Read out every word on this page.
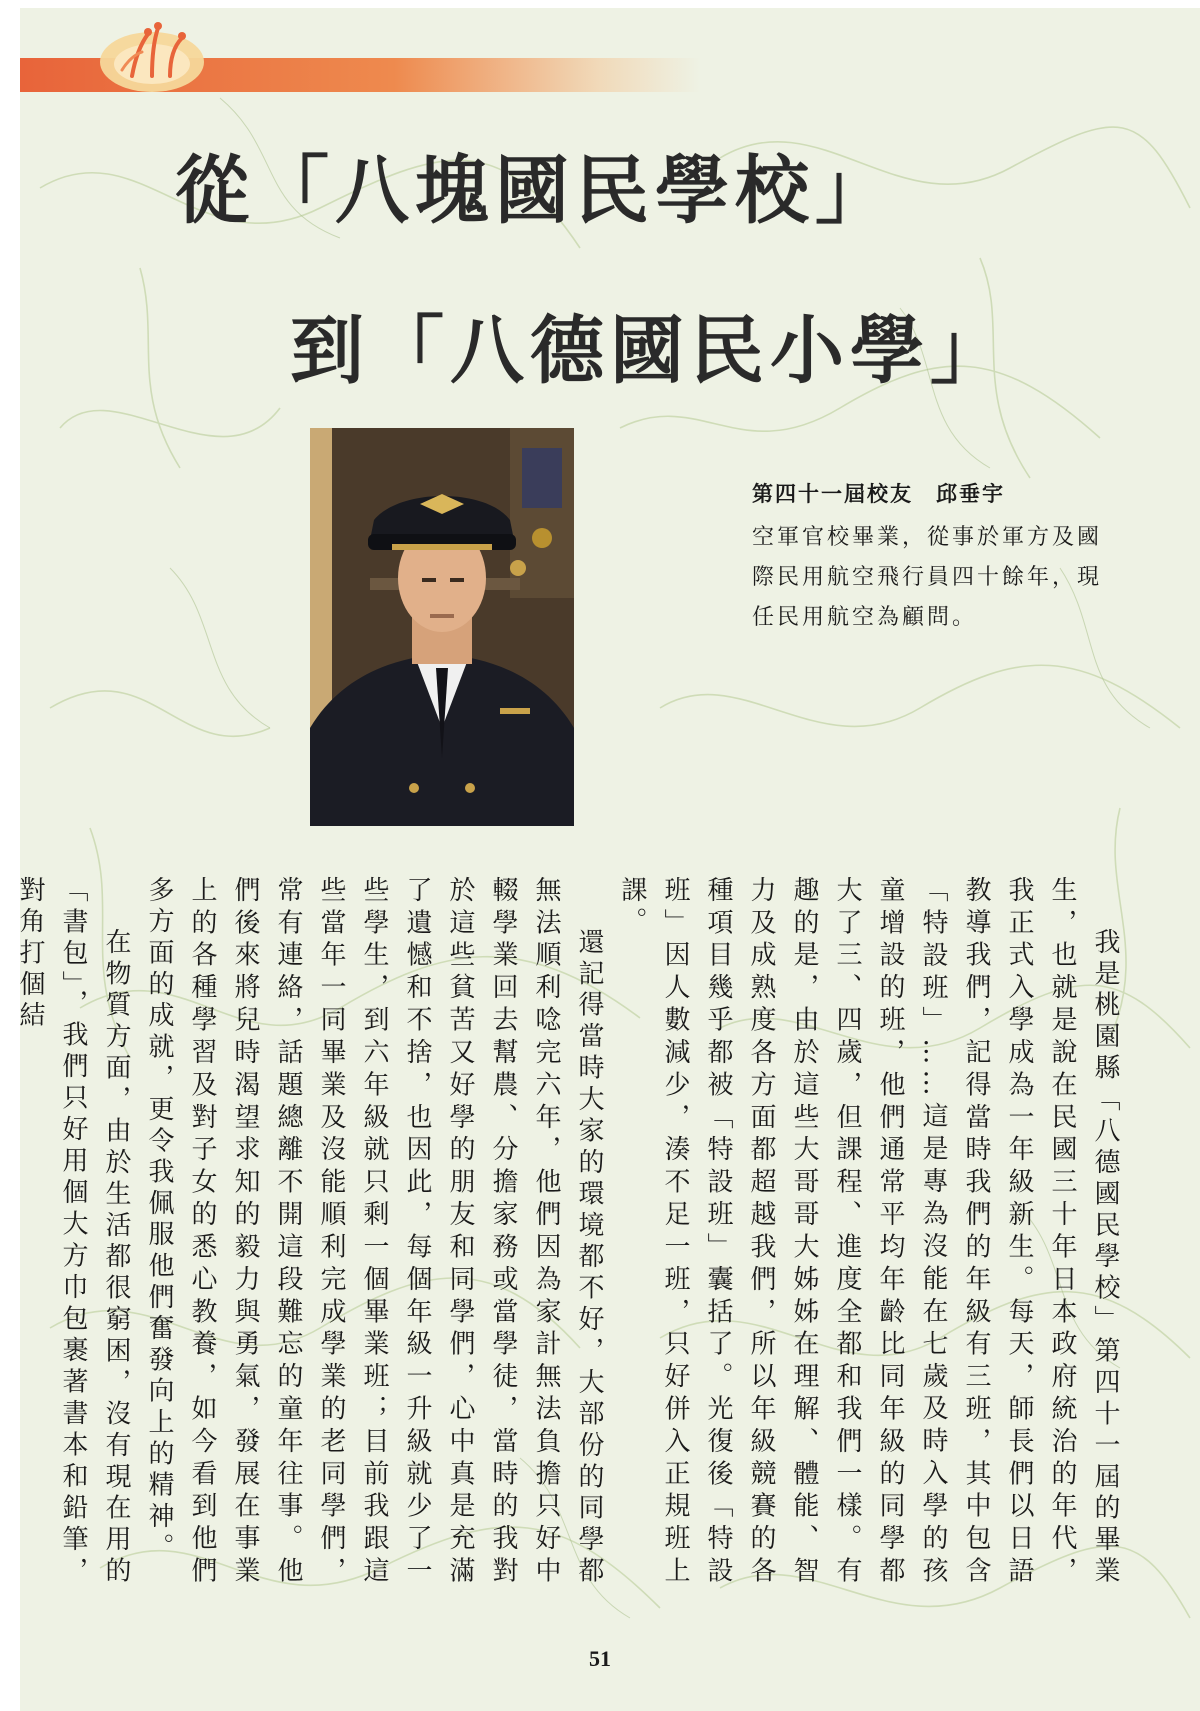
從「八塊國民學校」
到「八德國民小學」
第四十一屆校友　邱垂宇
空軍官校畢業，從事於軍方及國際民用航空飛行員四十餘年，現任民用航空為顧問。

我是桃園縣「八德國民學校」第四十一屆的畢業生，也就是說在民國三十年日本政府統治的年代，我正式入學成為一年級新生。每天，師長們以日語教導我們，記得當時我們的年級有三班，其中包含「特設班」……這是專為沒能在七歲及時入學的孩童增設的班，他們通常平均年齡比同年級的同學都大了三、四歲，但課程、進度全都和我們一樣。有趣的是，由於這些大哥哥大姊姊在理解、體能、智力及成熟度各方面都超越我們，所以年級競賽的各種項目幾乎都被「特設班」囊括了。光復後「特設班」因人數減少，湊不足一班，只好併入正規班上課。

還記得當時大家的環境都不好，大部份的同學都無法順利唸完六年，他們因為家計無法負擔只好中輟學業回去幫農、分擔家務或當學徒，當時的我對於這些貧苦又好學的朋友和同學們，心中真是充滿了遺憾和不捨，也因此，每個年級一升級就少了一些學生，到六年級就只剩一個畢業班；目前我跟這些當年一同畢業及沒能順利完成學業的老同學們，常有連絡，話題總離不開這段難忘的童年往事。他們後來將兒時渴望求知的毅力與勇氣，發展在事業上的各種學習及對子女的悉心教養，如今看到他們多方面的成就，更令我佩服他們奮發向上的精神。

在物質方面，由於生活都很窮困，沒有現在用的「書包」，我們只好用個大方巾包裹著書本和鉛筆，對角打個結

51
